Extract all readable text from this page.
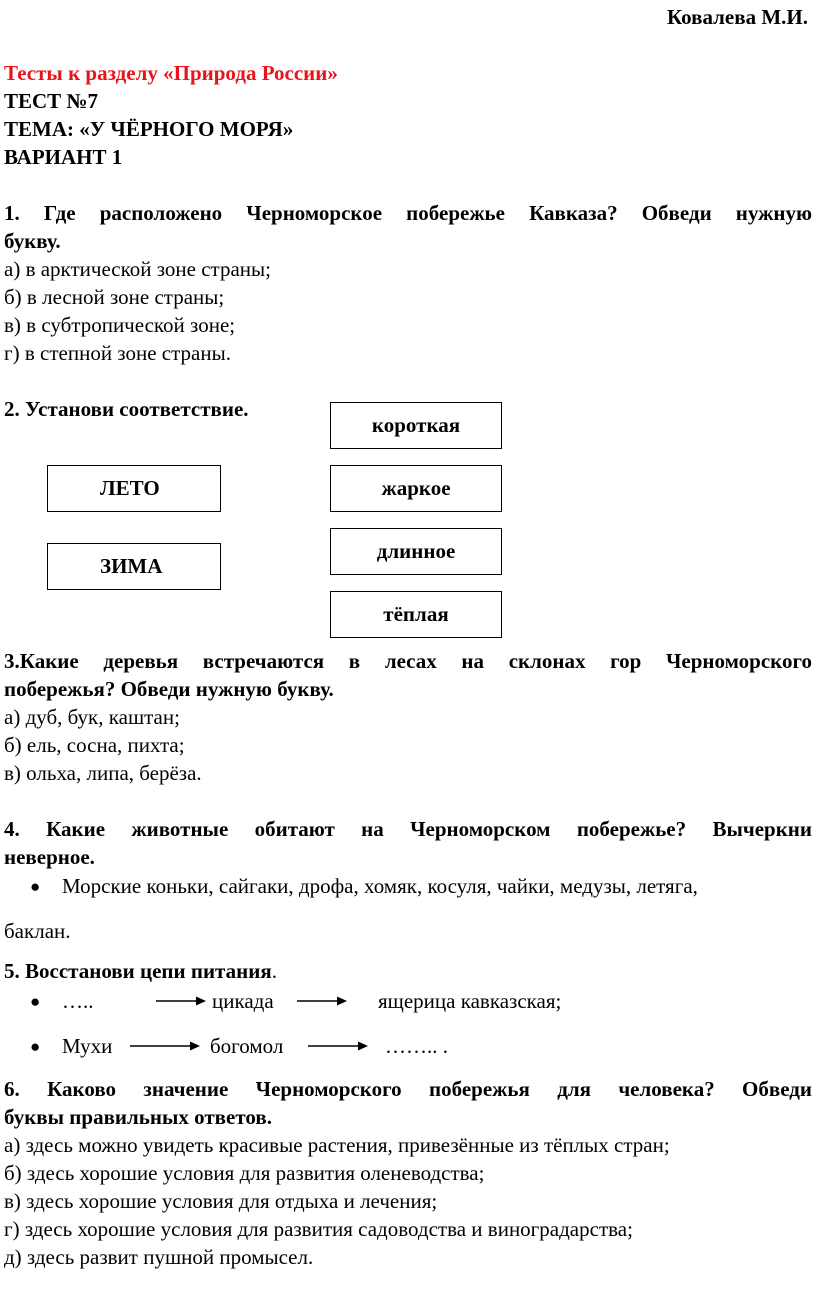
Ковалева М.И.
Тесты к разделу «Природа России»
ТЕСТ №7
ТЕМА: «У ЧЁРНОГО МОРЯ»
ВАРИАНТ 1
1. Где расположено Черноморское побережье Кавказа? Обведи нужную
букву.
а) в арктической зоне страны;
б) в лесной зоне страны;
в) в субтропической зоне;
г) в степной зоне страны.
2. Установи соответствие.
ЛЕТО
ЗИМА
короткая
жаркое
длинное
тёплая
3.Какие деревья встречаются в лесах на склонах гор Черноморского
побережья? Обведи нужную букву.
а) дуб, бук, каштан;
б) ель, сосна, пихта;
в) ольха, липа, берёза.
4. Какие животные обитают на Черноморском побережье? Вычеркни
неверное.
● Морские коньки, сайгаки, дрофа, хомяк, косуля, чайки, медузы, летяга,
баклан.
5. Восстанови цепи питания.
● …..	цикада	ящерица кавказская;
● Мухи	богомол	…….. .
6. Каково значение Черноморского побережья для человека? Обведи
буквы правильных ответов.
а) здесь можно увидеть красивые растения, привезённые из тёплых стран;
б) здесь хорошие условия для развития оленеводства;
в) здесь хорошие условия для отдыха и лечения;
г) здесь хорошие условия для развития садоводства и виноградарства;
д) здесь развит пушной промысел.
